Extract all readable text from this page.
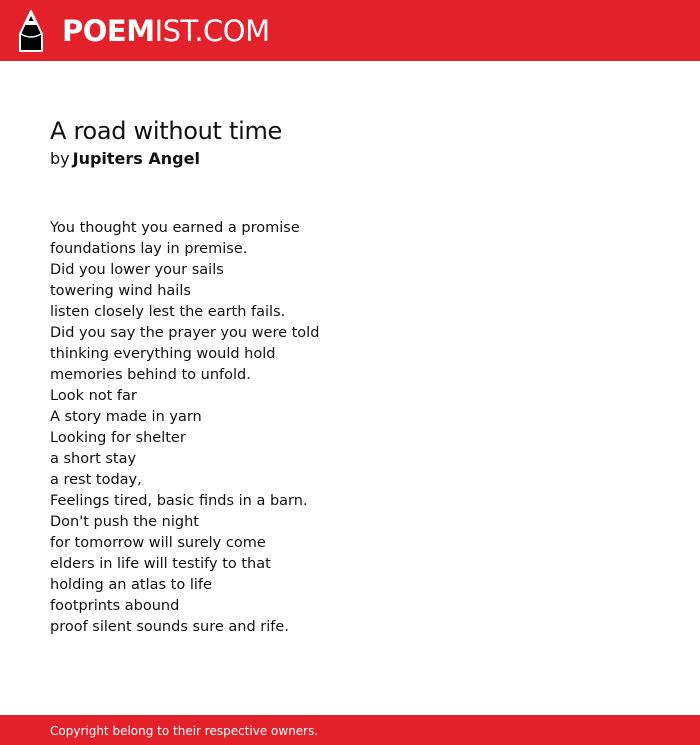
POEMIST.COM
A road without time
by Jupiters Angel
You thought you earned a promise
foundations lay in premise.
Did you lower your sails
towering wind hails
listen closely lest the earth fails.
Did you say the prayer you were told
thinking everything would hold
memories behind to unfold.
Look not far
A story made in yarn
Looking for shelter
a short stay
a rest today,
Feelings tired, basic finds in a barn.
Don't push the night
for tomorrow will surely come
elders in life will testify to that
holding an atlas to life
footprints abound
proof silent sounds sure and rife.
Copyright belong to their respective owners.
